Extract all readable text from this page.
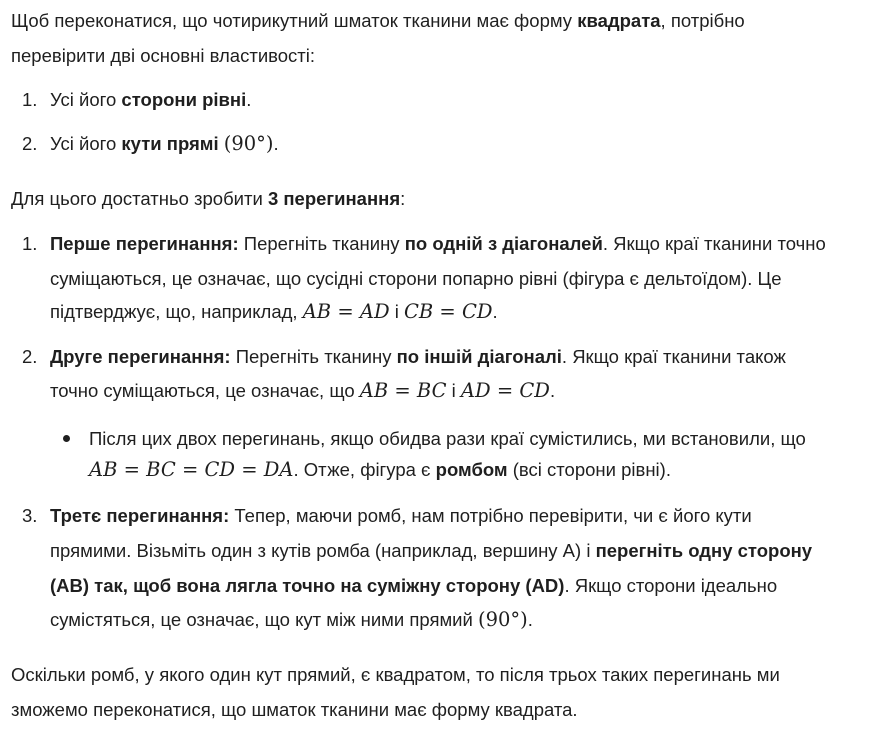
Щоб переконатися, що чотирикутний шматок тканини має форму квадрата, потрібно
перевірити дві основні властивості:
1. Усі його сторони рівні.
2. Усі його кути прямі (90°).
Для цього достатньо зробити 3 перегинання:
1. Перше перегинання: Перегніть тканину по одній з діагоналей. Якщо краї тканини точно
суміщаються, це означає, що сусідні сторони попарно рівні (фігура є дельтоїдом). Це
підтверджує, що, наприклад, AB = AD і CB = CD.
2. Друге перегинання: Перегніть тканину по іншій діагоналі. Якщо краї тканини також
точно суміщаються, це означає, що AB = BC і AD = CD.
Після цих двох перегинань, якщо обидва рази краї сумістились, ми встановили, що
AB = BC = CD = DA. Отже, фігура є ромбом (всі сторони рівні).
3. Третє перегинання: Тепер, маючи ромб, нам потрібно перевірити, чи є його кути
прямими. Візьміть один з кутів ромба (наприклад, вершину А) і перегніть одну сторону
(AB) так, щоб вона лягла точно на суміжну сторону (AD). Якщо сторони ідеально
сумістяться, це означає, що кут між ними прямий (90°).
Оскільки ромб, у якого один кут прямий, є квадратом, то після трьох таких перегинань ми
зможемо переконатися, що шматок тканини має форму квадрата.
